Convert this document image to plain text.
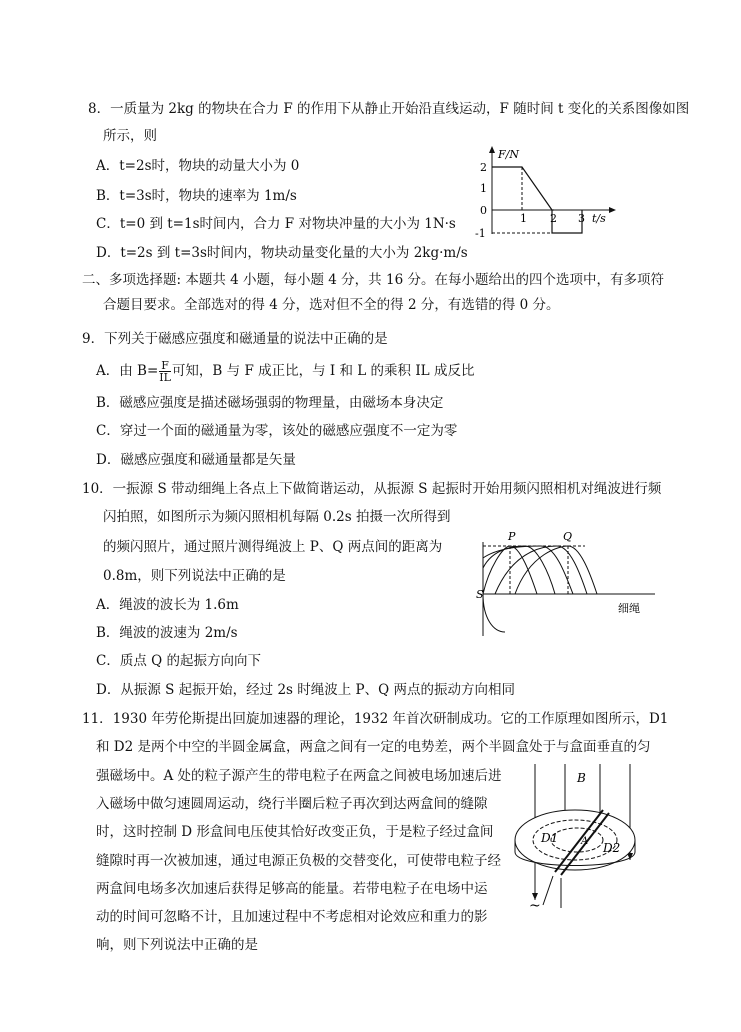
8．一质量为 2kg 的物块在合力 F 的作用下从静止开始沿直线运动，F 随时间 t 变化的关系图像如图
所示，则
A．t=2s时，物块的动量大小为 0
B．t=3s时，物块的速率为 1m/s
C．t=0 到 t=1s时间内，合力 F 对物块冲量的大小为 1N·s
D．t=2s 到 t=3s时间内，物块动量变化量的大小为 2kg·m/s
F/N
2
1
0
-1
1 2 3 t/s
二、多项选择题: 本题共 4 小题，每小题 4 分，共 16 分。在每小题给出的四个选项中，有多项符
合题目要求。全部选对的得 4 分，选对但不全的得 2 分，有选错的得 0 分。
9．下列关于磁感应强度和磁通量的说法中正确的是
A．由 $B= \frac{F}{IL}$ 可知，B 与 F 成正比，与 I 和 L 的乘积 IL 成反比
B．磁感应强度是描述磁场强弱的物理量，由磁场本身决定
C．穿过一个面的磁通量为零，该处的磁感应强度不一定为零
D．磁感应强度和磁通量都是矢量
10．一振源 S 带动细绳上各点上下做简谐运动，从振源 S 起振时开始用频闪照相机对绳波进行频
闪拍照，如图所示为频闪照相机每隔 0.2s 拍摄一次所得到
的频闪照片，通过照片测得绳波上 P、Q 两点间的距离为
0.8m，则下列说法中正确的是
A．绳波的波长为 1.6m
B．绳波的波速为 2m/s
C．质点 Q 的起振方向向下
D．从振源 S 起振开始，经过 2s 时绳波上 P、Q 两点的振动方向相同
P	Q
S
细绳
11．1930 年劳伦斯提出回旋加速器的理论，1932 年首次研制成功。它的工作原理如图所示，D1
和 D2 是两个中空的半圆金属盒，两盒之间有一定的电势差，两个半圆盒处于与盒面垂直的匀
强磁场中。A 处的粒子源产生的带电粒子在两盒之间被电场加速后进
入磁场中做匀速圆周运动，绕行半圈后粒子再次到达两盒间的缝隙
时，这时控制 D 形盒间电压使其恰好改变正负，于是粒子经过盒间
缝隙时再一次被加速，通过电源正负极的交替变化，可使带电粒子经
两盒间电场多次加速后获得足够高的能量。若带电粒子在电场中运
动的时间可忽略不计，且加速过程中不考虑相对论效应和重力的影
响，则下列说法中正确的是
B
D1
D2
A
~
